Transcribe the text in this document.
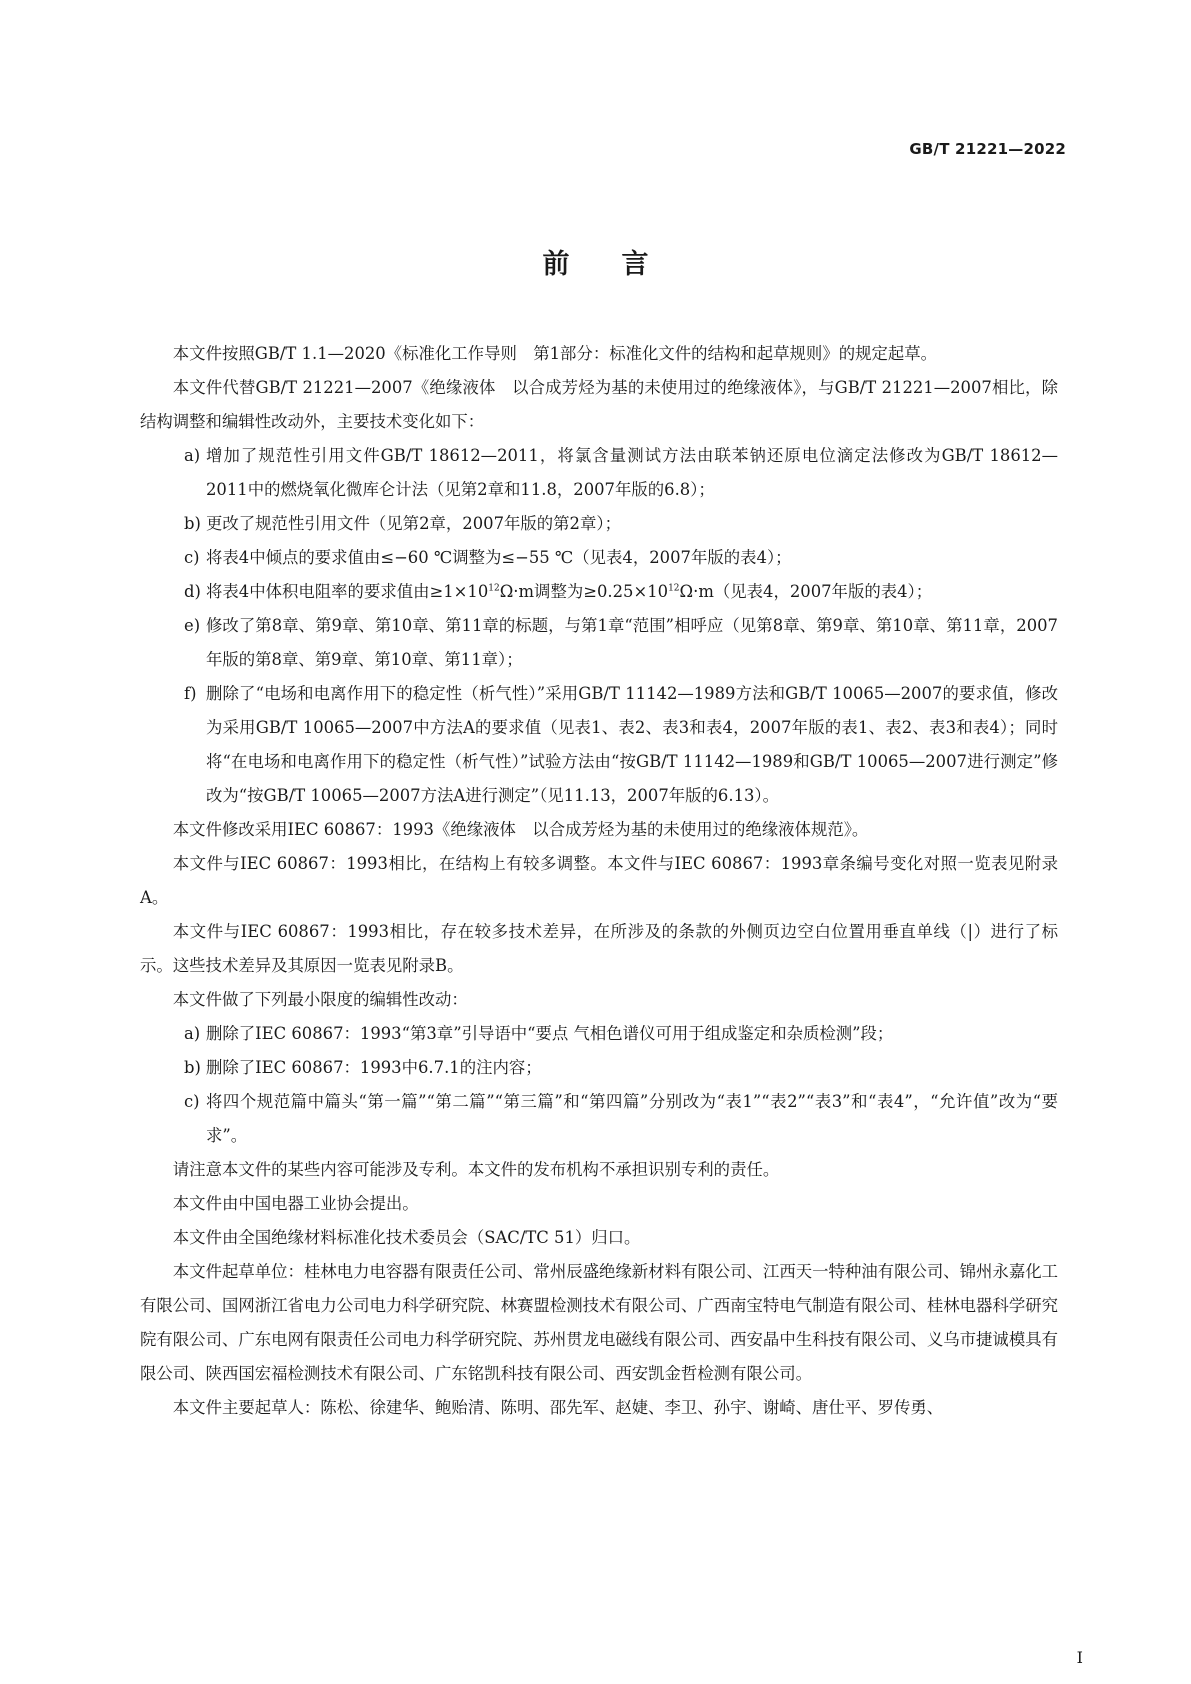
GB/T 21221—2022
前 言

本文件按照GB/T 1.1—2020《标准化工作导则　第1部分：标准化文件的结构和起草规则》的规定起草。

本文件代替GB/T 21221—2007《绝缘液体　以合成芳烃为基的未使用过的绝缘液体》，与GB/T 21221—2007相比，除结构调整和编辑性改动外，主要技术变化如下：

a) 增加了规范性引用文件GB/T 18612—2011，将氯含量测试方法由联苯钠还原电位滴定法修改为GB/T 18612—2011中的燃烧氧化微库仑计法（见第2章和11.8，2007年版的6.8）；

b) 更改了规范性引用文件（见第2章，2007年版的第2章）；

c) 将表4中倾点的要求值由≤−60 ℃调整为≤−55 ℃（见表4，2007年版的表4）；

d) 将表4中体积电阻率的要求值由$\ge 1\times 10^{12}\Omega\cdot m$调整为$\ge 0.25\times 10^{12}\Omega\cdot m$（见表4，2007年版的表4）；

e) 修改了第8章、第9章、第10章、第11章的标题，与第1章“范围”相呼应（见第8章、第9章、第10章、第11章，2007年版的第8章、第9章、第10章、第11章）；

f) 删除了“电场和电离作用下的稳定性（析气性）”采用GB/T 11142—1989方法和GB/T 10065—2007的要求值，修改为采用GB/T 10065—2007中方法A的要求值（见表1、表2、表3和表4，2007年版的表1、表2、表3和表4）；同时将“在电场和电离作用下的稳定性（析气性）”试验方法由“按GB/T 11142—1989和GB/T 10065—2007进行测定”修改为“按GB/T 10065—2007方法A进行测定”（见11.13，2007年版的6.13）。

本文件修改采用IEC 60867：1993《绝缘液体　以合成芳烃为基的未使用过的绝缘液体规范》。

本文件与IEC 60867：1993相比，在结构上有较多调整。本文件与IEC 60867：1993章条编号变化对照一览表见附录A。

本文件与IEC 60867：1993相比，存在较多技术差异，在所涉及的条款的外侧页边空白位置用垂直单线（|）进行了标示。这些技术差异及其原因一览表见附录B。

本文件做了下列最小限度的编辑性改动：

a) 删除了IEC 60867：1993“第3章”引导语中“要点 气相色谱仪可用于组成鉴定和杂质检测”段；

b) 删除了IEC 60867：1993中6.7.1的注内容；

c) 将四个规范篇中篇头“第一篇”“第二篇”“第三篇”和“第四篇”分别改为“表1”“表2”“表3”和“表4”，“允许值”改为“要求”。

请注意本文件的某些内容可能涉及专利。本文件的发布机构不承担识别专利的责任。

本文件由中国电器工业协会提出。

本文件由全国绝缘材料标准化技术委员会（SAC/TC 51）归口。

本文件起草单位：桂林电力电容器有限责任公司、常州辰盛绝缘新材料有限公司、江西天一特种油有限公司、锦州永嘉化工有限公司、国网浙江省电力公司电力科学研究院、林赛盟检测技术有限公司、广西南宝特电气制造有限公司、桂林电器科学研究院有限公司、广东电网有限责任公司电力科学研究院、苏州贯龙电磁线有限公司、西安晶中生科技有限公司、义乌市捷诚模具有限公司、陕西国宏福检测技术有限公司、广东铭凯科技有限公司、西安凯金哲检测有限公司。

本文件主要起草人：陈松、徐建华、鲍贻清、陈明、邵先军、赵婕、李卫、孙宇、谢崎、唐仕平、罗传勇、

I
